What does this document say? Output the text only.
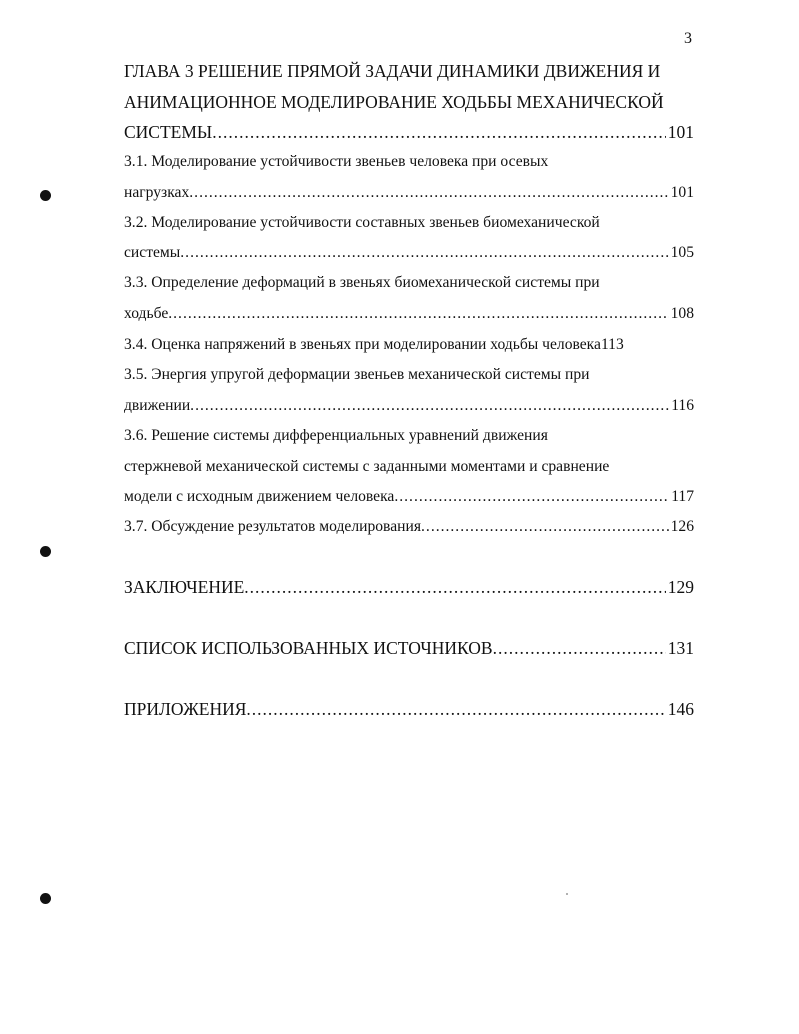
3
ГЛАВА 3 РЕШЕНИЕ ПРЯМОЙ ЗАДАЧИ ДИНАМИКИ ДВИЖЕНИЯ И
АНИМАЦИОННОЕ МОДЕЛИРОВАНИЕ ХОДЬБЫ МЕХАНИЧЕСКОЙ
СИСТЕМЫ .....	101
3.1. Моделирование устойчивости звеньев человека при осевых
нагрузках .....	101
3.2. Моделирование устойчивости составных звеньев биомеханической
системы .....	105
3.3. Определение деформаций в звеньях биомеханической системы при
ходьбе .....	108
3.4. Оценка напряжений в звеньях при моделировании ходьбы человека 113
3.5. Энергия упругой деформации звеньев механической системы при
движении .....	116
3.6. Решение системы дифференциальных уравнений движения
стержневой механической системы с заданными моментами и сравнение
модели с исходным движением человека .....	117
3.7. Обсуждение результатов моделирования .....	126
ЗАКЛЮЧЕНИЕ .....	129
СПИСОК ИСПОЛЬЗОВАННЫХ ИСТОЧНИКОВ .....	131
ПРИЛОЖЕНИЯ .....	146
